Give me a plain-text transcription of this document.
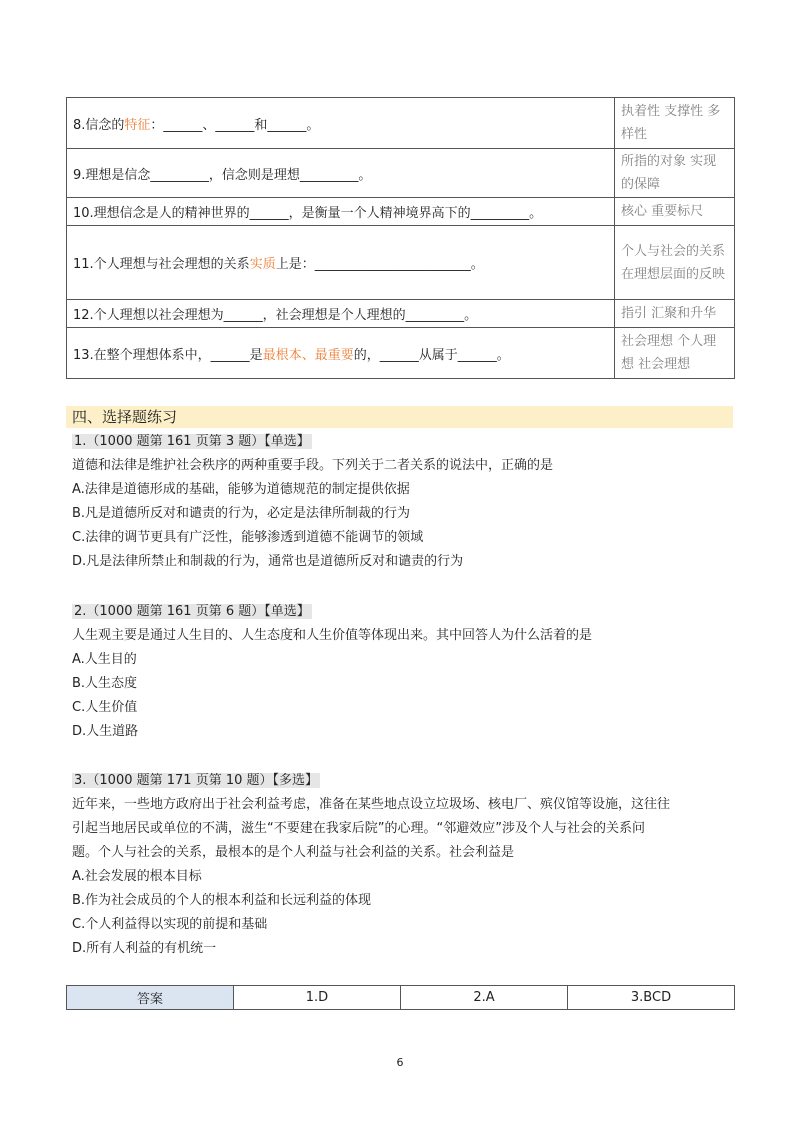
8.信念的特征：______、______和______。	执着性 支撑性 多样性
9.理想是信念_________，信念则是理想_________。	所指的对象 实现的保障
10.理想信念是人的精神世界的______，是衡量一个人精神境界高下的_________。	核心 重要标尺
11.个人理想与社会理想的关系实质上是：________________________。	个人与社会的关系在理想层面的反映
12.个人理想以社会理想为______，社会理想是个人理想的_________。	指引 汇聚和升华
13.在整个理想体系中，______是最根本、最重要的，______从属于______。	社会理想 个人理想 社会理想
四、选择题练习
1.（1000 题第 161 页第 3 题）【单选】
道德和法律是维护社会秩序的两种重要手段。下列关于二者关系的说法中，正确的是
A.法律是道德形成的基础，能够为道德规范的制定提供依据
B.凡是道德所反对和谴责的行为，必定是法律所制裁的行为
C.法律的调节更具有广泛性，能够渗透到道德不能调节的领域
D.凡是法律所禁止和制裁的行为，通常也是道德所反对和谴责的行为
2.（1000 题第 161 页第 6 题）【单选】
人生观主要是通过人生目的、人生态度和人生价值等体现出来。其中回答人为什么活着的是
A.人生目的
B.人生态度
C.人生价值
D.人生道路
3.（1000 题第 171 页第 10 题）【多选】
近年来，一些地方政府出于社会利益考虑，准备在某些地点设立垃圾场、核电厂、殡仪馆等设施，这往往
引起当地居民或单位的不满，滋生“不要建在我家后院”的心理。“邻避效应”涉及个人与社会的关系问
题。个人与社会的关系，最根本的是个人利益与社会利益的关系。社会利益是
A.社会发展的根本目标
B.作为社会成员的个人的根本利益和长远利益的体现
C.个人利益得以实现的前提和基础
D.所有人利益的有机统一
答案	1.D	2.A	3.BCD
6
